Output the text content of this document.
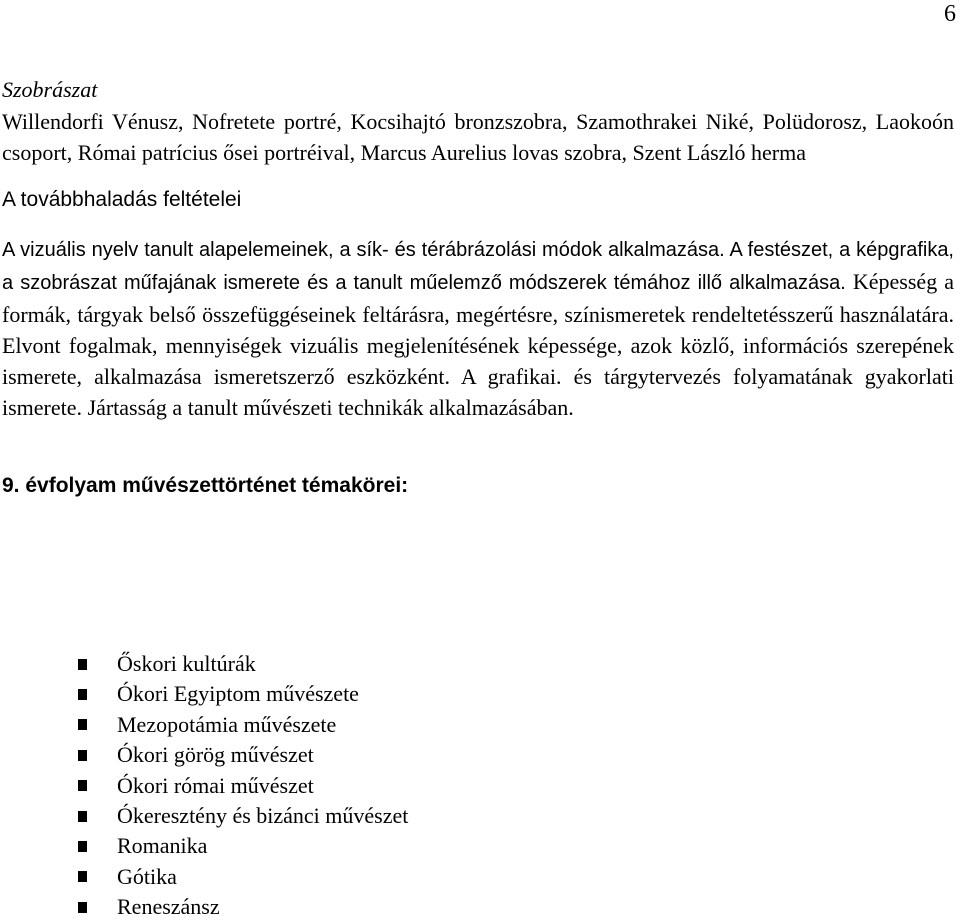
6
Szobrászat

Willendorfi Vénusz, Nofretete portré, Kocsihajtó bronzszobra, Szamothrakei Niké, Polüdorosz, Laokoón csoport, Római patrícius ősei portréival, Marcus Aurelius lovas szobra, Szent László herma

A továbbhaladás feltételei

A vizuális nyelv tanult alapelemeinek, a sík- és térábrázolási módok alkalmazása. A festészet, a képgrafika, a szobrászat műfajának ismerete és a tanult műelemző módszerek témához illő alkalmazása. Képesség a formák, tárgyak belső összefüggéseinek feltárásra, megértésre, színismeretek rendeltetésszerű használatára. Elvont fogalmak, mennyiségek vizuális megjelenítésének képessége, azok közlő, információs szerepének ismerete, alkalmazása ismeretszerző eszközként. A grafikai. és tárgytervezés folyamatának gyakorlati ismerete. Jártasság a tanult művészeti technikák alkalmazásában.

9. évfolyam művészettörténet témakörei:
Őskori kultúrák
Ókori Egyiptom művészete
Mezopotámia művészete
Ókori görög művészet
Ókori római művészet
Ókeresztény és bizánci művészet
Romanika
Gótika
Reneszánsz
